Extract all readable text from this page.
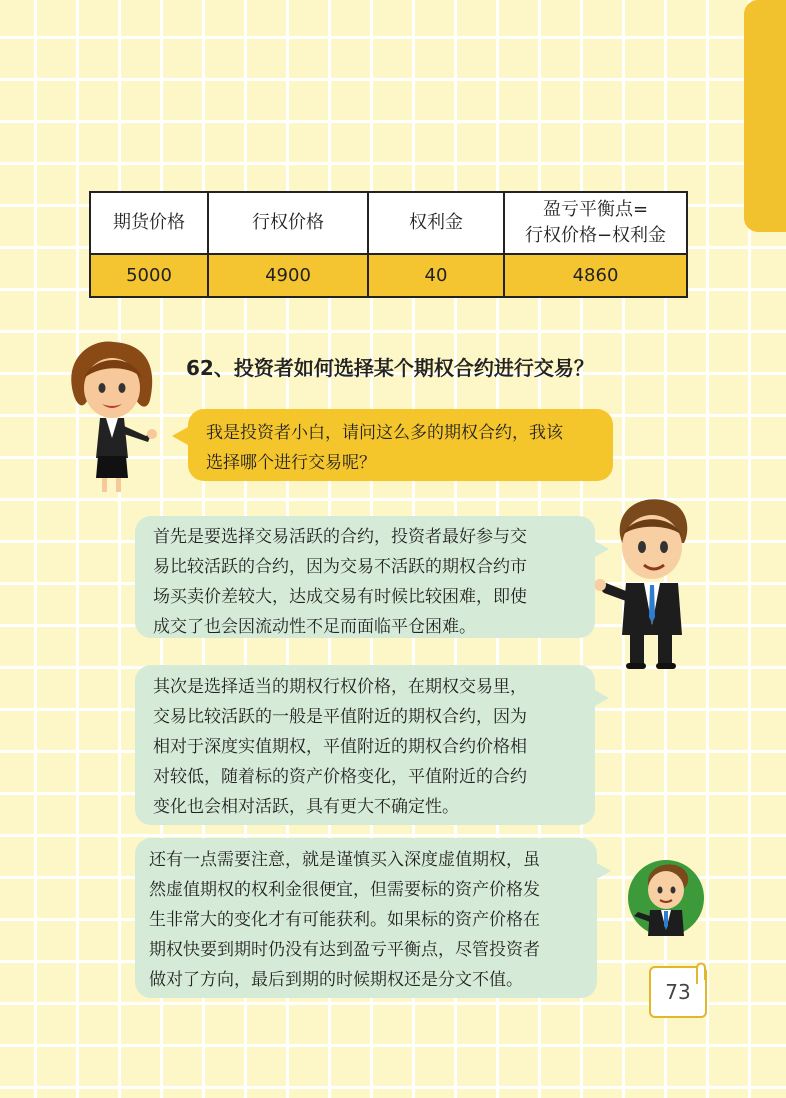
期货价格	行权价格	权利金	盈亏平衡点=
行权价格−权利金

5000	4900	40	4860
62、投资者如何选择某个期权合约进行交易？
我是投资者小白，请问这么多的期权合约，我该
选择哪个进行交易呢？
首先是要选择交易活跃的合约，投资者最好参与交
易比较活跃的合约，因为交易不活跃的期权合约市
场买卖价差较大，达成交易有时候比较困难，即使
成交了也会因流动性不足而面临平仓困难。
其次是选择适当的期权行权价格，在期权交易里，
交易比较活跃的一般是平值附近的期权合约，因为
相对于深度实值期权，平值附近的期权合约价格相
对较低，随着标的资产价格变化，平值附近的合约
变化也会相对活跃，具有更大不确定性。
还有一点需要注意，就是谨慎买入深度虚值期权，虽
然虚值期权的权利金很便宜，但需要标的资产价格发
生非常大的变化才有可能获利。如果标的资产价格在
期权快要到期时仍没有达到盈亏平衡点，尽管投资者
做对了方向，最后到期的时候期权还是分文不值。	73
